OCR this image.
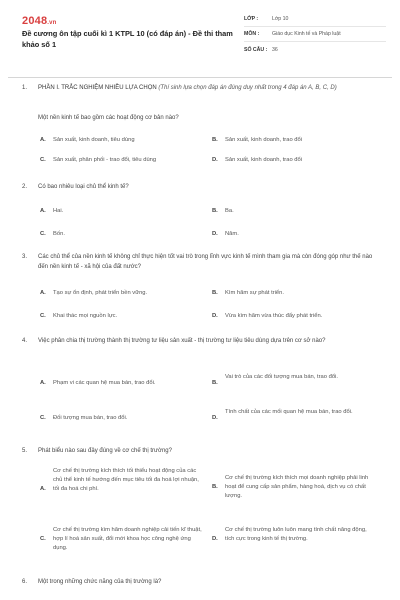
2048.vn
Đề cương ôn tập cuối kì 1 KTPL 10 (có đáp án) - Đề thi tham khảo số 1
LỚP :	Lớp 10
MÔN :	Giáo dục Kinh tế và Pháp luật
SỐ CÂU : 36
1. PHẦN I. TRẮC NGHIỆM NHIỀU LỰA CHỌN (Thí sinh lựa chọn đáp án đúng duy nhất trong 4 đáp án A, B, C, D)
Một nền kinh tế bao gồm các hoạt động cơ bản nào?
A. Sản xuất, kinh doanh, tiêu dùng	B. Sản xuất, kinh doanh, trao đổi
C. Sản xuất, phân phối - trao đổi, tiêu dùng	D. Sản xuất, kinh doanh, trao đổi
2. Có bao nhiêu loại chủ thể kinh tế?
A. Hai.	B. Ba.
C. Bốn.	D. Năm.
3. Các chủ thể của nền kinh tế không chỉ thực hiện tốt vai trò trong lĩnh vực kinh tế mình tham gia mà còn đóng góp như thế nào đến nền kinh tế - xã hội của đất nước?
A. Tạo sự ổn định, phát triển bền vững.	B. Kìm hãm sự phát triển.
C. Khai thác mọi nguồn lực.	D. Vừa kìm hãm vừa thúc đẩy phát triển.
4. Việc phân chia thị trường thành thị trường tư liệu sản xuất - thị trường tư liệu tiêu dùng dựa trên cơ sở nào?
A. Phạm vi các quan hệ mua bán, trao đổi.	B.
Vai trò của các đối tượng mua bán, trao đổi.
C. Đối tượng mua bán, trao đổi.	D.
Tính chất của các mối quan hệ mua bán, trao đổi.
5. Phát biểu nào sau đây đúng về cơ chế thị trường?
A.
Cơ chế thị trường kích thích tối thiểu hoạt động của các chủ thể kinh tế hướng đến mục tiêu tối đa hoá lợi nhuận, tối đa hoá chi phí.	B.
Cơ chế thị trường kích thích mọi doanh nghiệp phải linh hoạt để cung cấp sản phẩm, hàng hoá, dịch vụ có chất lượng.
C.
Cơ chế thị trường kìm hãm doanh nghiệp cải tiến kĩ thuật, hợp lí hoá sản xuất, đổi mới khoa học công nghệ ứng dụng.
D.
Cơ chế thị trường luôn luôn mang tính chất năng động, tích cực trong kinh tế thị trường.
6. Một trong những chức năng của thị trường là?
